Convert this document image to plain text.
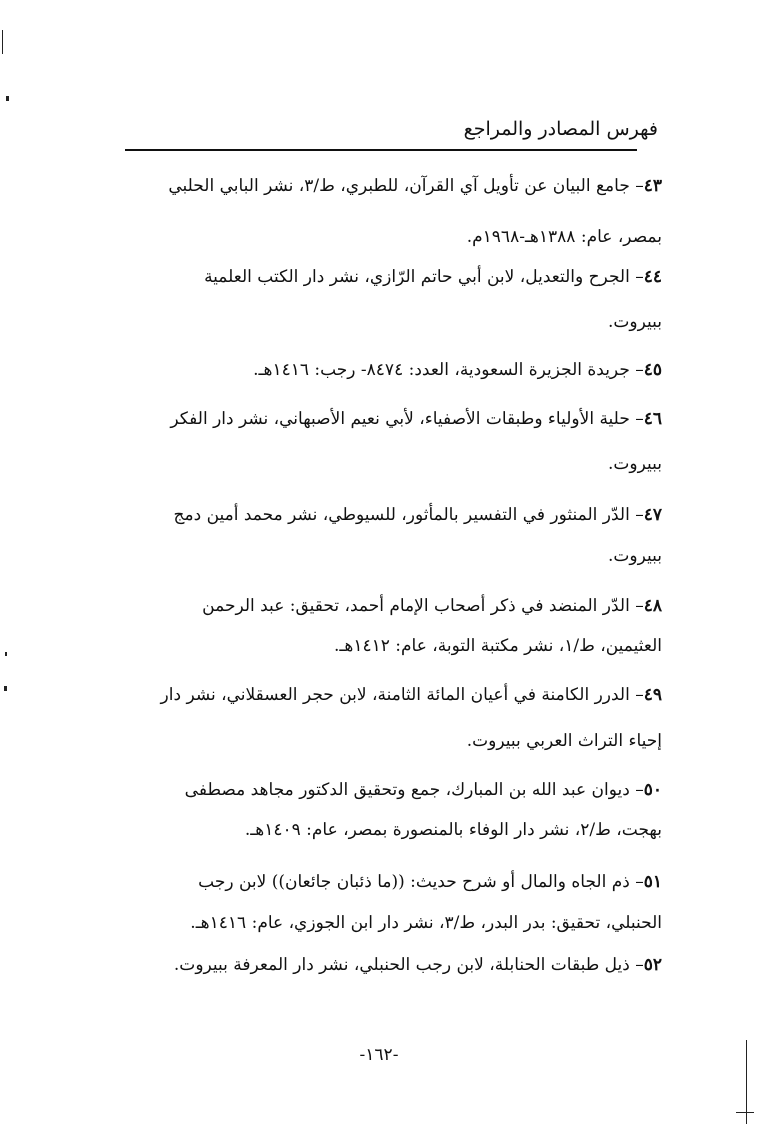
فهرس المصادر والمراجع
٤٣– جامع البيان عن تأويل آي القرآن، للطبري، ط/٣، نشر البابي الحلبي
بمصر، عام: ١٣٨٨هـ-١٩٦٨م.
٤٤– الجرح والتعديل، لابن أبي حاتم الرّازي، نشر دار الكتب العلمية
ببيروت.
٤٥– جريدة الجزيرة السعودية، العدد: ٨٤٧٤- رجب: ١٤١٦هـ.
٤٦– حلية الأولياء وطبقات الأصفياء، لأبي نعيم الأصبهاني، نشر دار الفكر
ببيروت.
٤٧– الدّر المنثور في التفسير بالمأثور، للسيوطي، نشر محمد أمين دمج
ببيروت.
٤٨– الدّر المنضد في ذكر أصحاب الإمام أحمد، تحقيق: عبد الرحمن
العثيمين، ط/١، نشر مكتبة التوبة، عام: ١٤١٢هـ.
٤٩– الدرر الكامنة في أعيان المائة الثامنة، لابن حجر العسقلاني، نشر دار
إحياء التراث العربي ببيروت.
٥٠– ديوان عبد الله بن المبارك، جمع وتحقيق الدكتور مجاهد مصطفى
بهجت، ط/٢، نشر دار الوفاء بالمنصورة بمصر، عام: ١٤٠٩هـ.
٥١– ذم الجاه والمال أو شرح حديث: ((ما ذئبان جائعان)) لابن رجب
الحنبلي، تحقيق: بدر البدر، ط/٣، نشر دار ابن الجوزي، عام: ١٤١٦هـ.
٥٢– ذيل طبقات الحنابلة، لابن رجب الحنبلي، نشر دار المعرفة ببيروت.
-١٦٢-
